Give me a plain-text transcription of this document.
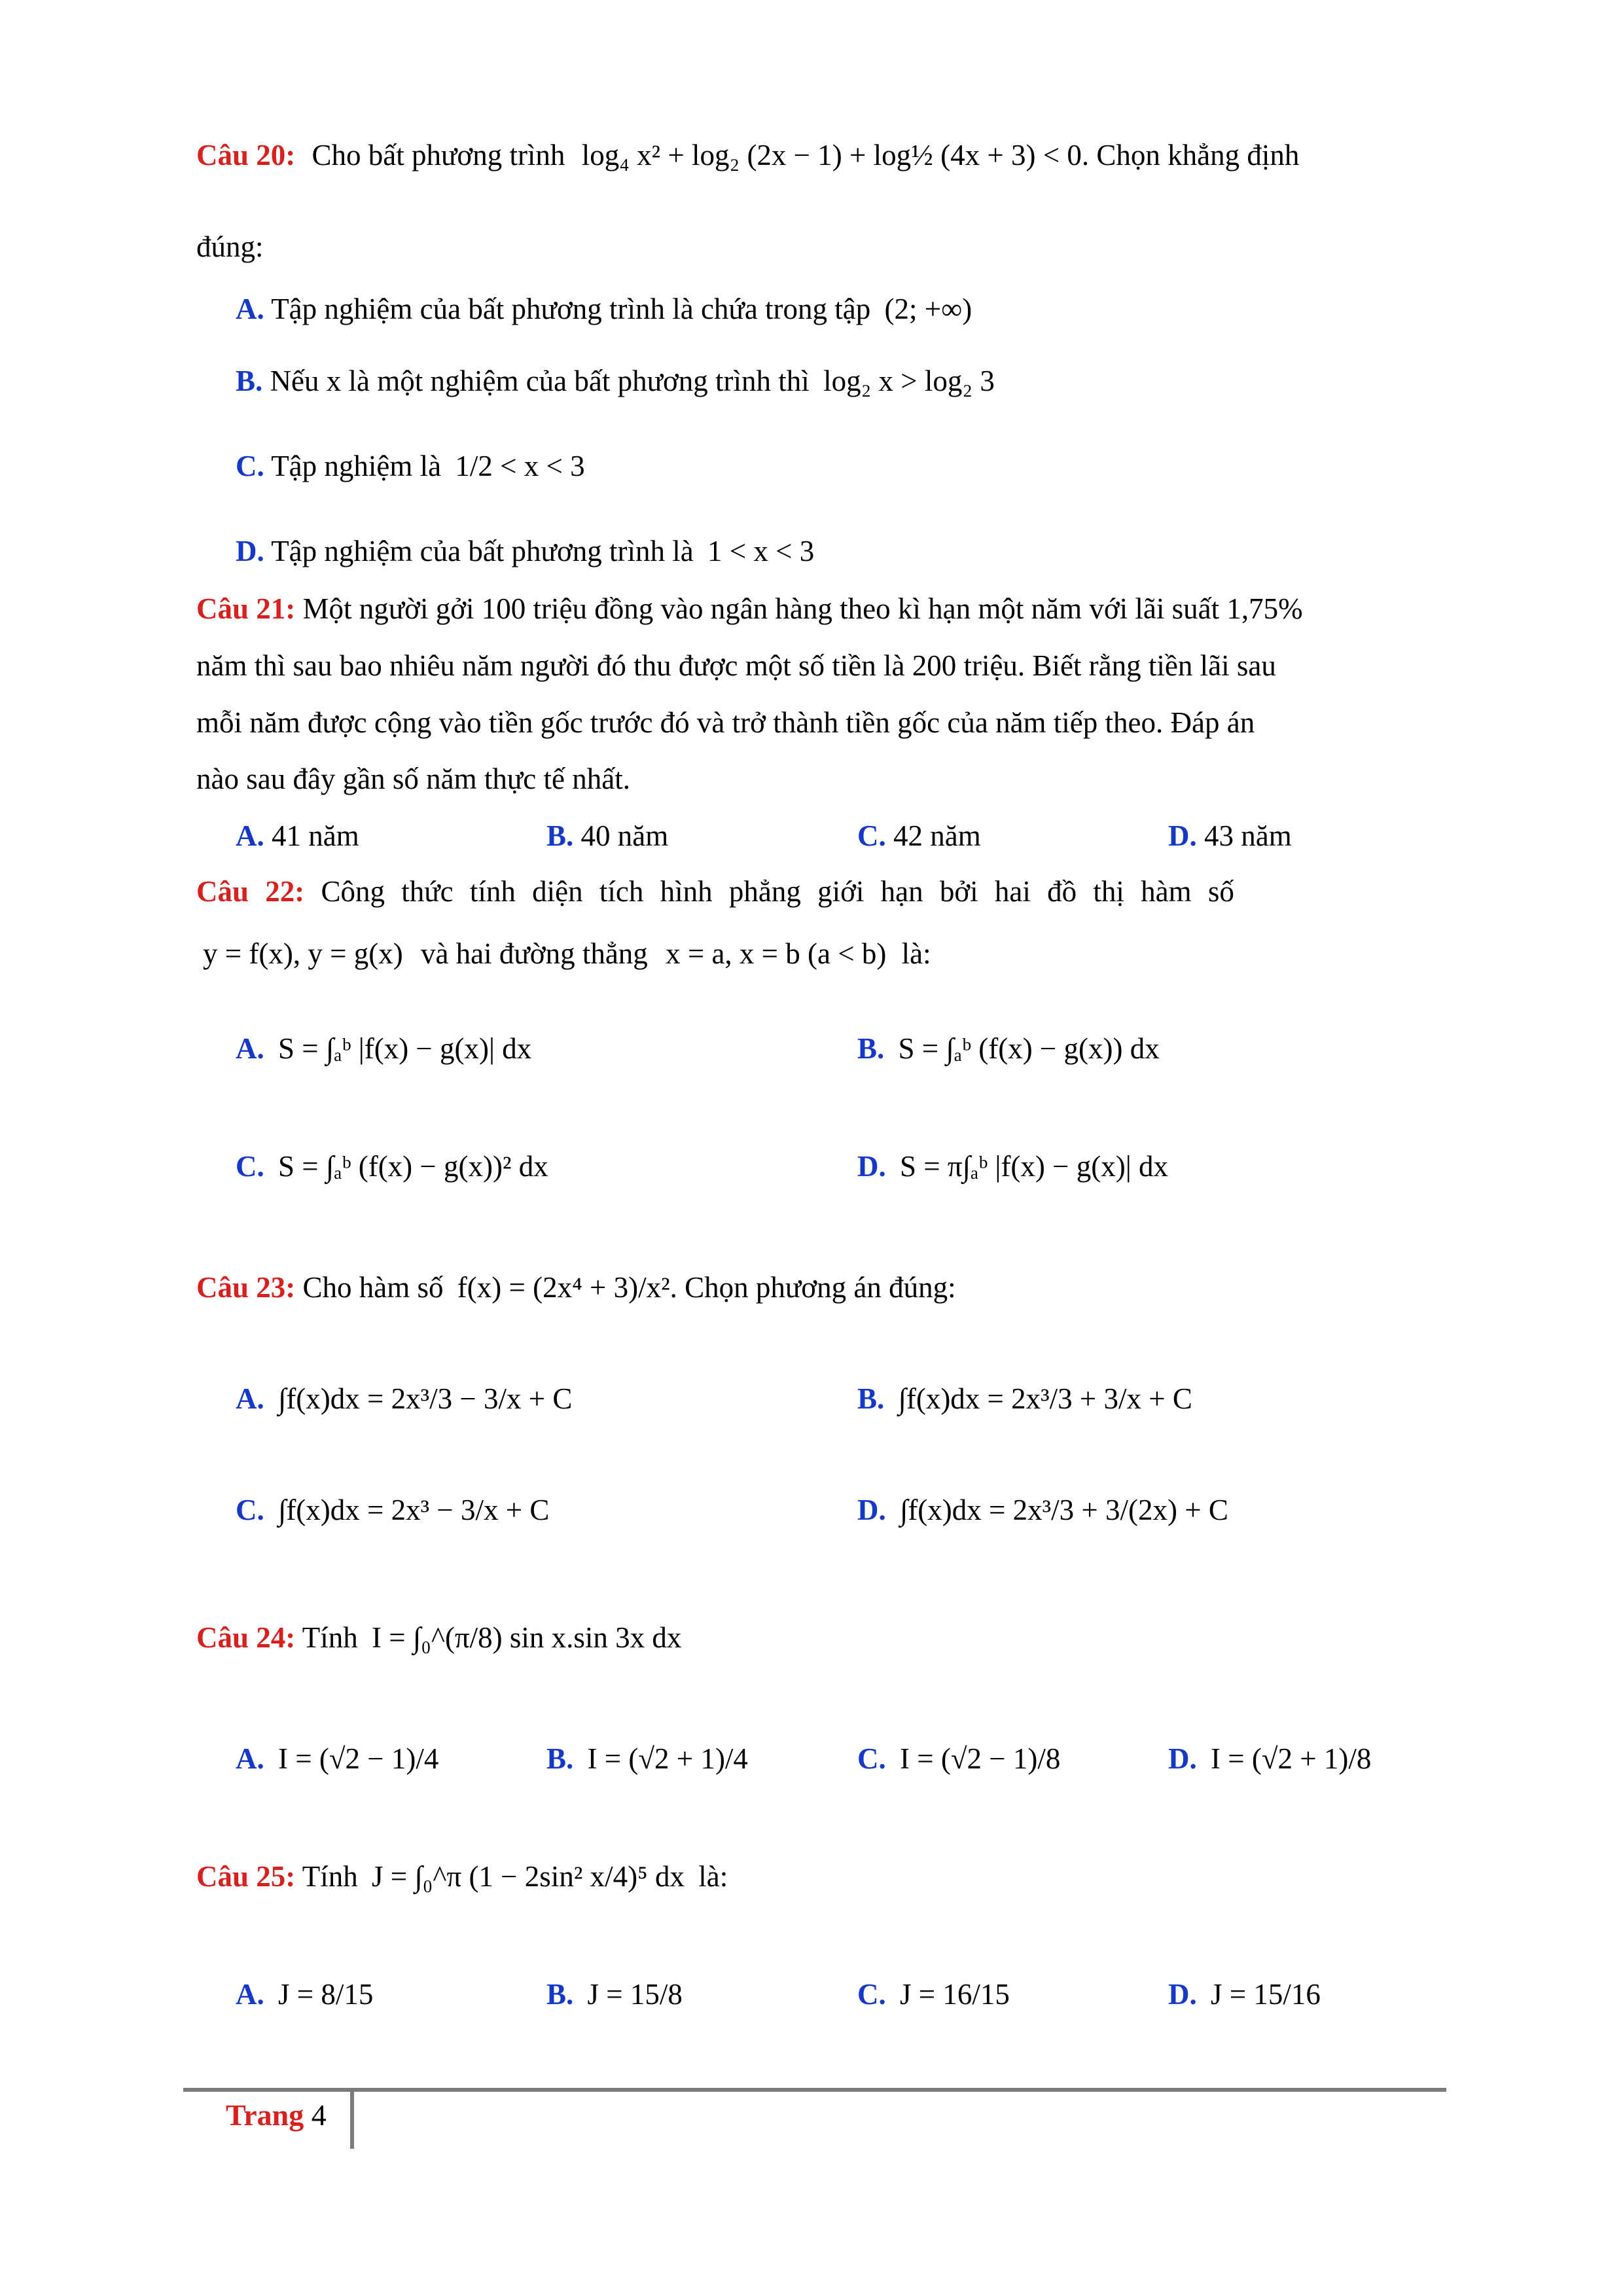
Câu 20: Cho bất phương trình log₄ x² + log₂ (2x − 1) + log½ (4x + 3) < 0. Chọn khẳng định
đúng:
A. Tập nghiệm của bất phương trình là chứa trong tập (2; +∞)
B. Nếu x là một nghiệm của bất phương trình thì log₂ x > log₂ 3
C. Tập nghiệm là 1/2 < x < 3
D. Tập nghiệm của bất phương trình là 1 < x < 3
Câu 21: Một người gởi 100 triệu đồng vào ngân hàng theo kì hạn một năm với lãi suất 1,75%
năm thì sau bao nhiêu năm người đó thu được một số tiền là 200 triệu. Biết rằng tiền lãi sau
mỗi năm được cộng vào tiền gốc trước đó và trở thành tiền gốc của năm tiếp theo. Đáp án
nào sau đây gần số năm thực tế nhất.
A. 41 năm	B. 40 năm	C. 42 năm	D. 43 năm
Câu 22: Công thức tính diện tích hình phẳng giới hạn bởi hai đồ thị hàm số
y = f(x), y = g(x) và hai đường thẳng x = a, x = b (a < b) là:
A. S = ∫ₐᵇ |f(x) − g(x)| dx	B. S = ∫ₐᵇ (f(x) − g(x)) dx
C. S = ∫ₐᵇ (f(x) − g(x))² dx	D. S = π∫ₐᵇ |f(x) − g(x)| dx
Câu 23: Cho hàm số f(x) = (2x⁴ + 3)/x². Chọn phương án đúng:
A. ∫f(x)dx = 2x³/3 − 3/x + C	B. ∫f(x)dx = 2x³/3 + 3/x + C
C. ∫f(x)dx = 2x³ − 3/x + C	D. ∫f(x)dx = 2x³/3 + 3/(2x) + C
Câu 24: Tính I = ∫₀^(π/8) sin x.sin 3x dx
A. I = (√2 − 1)/4	B. I = (√2 + 1)/4	C. I = (√2 − 1)/8	D. I = (√2 + 1)/8
Câu 25: Tính J = ∫₀^π (1 − 2sin² x/4)⁵ dx là:
A. J = 8/15	B. J = 15/8	C. J = 16/15	D. J = 15/16
Trang 4
